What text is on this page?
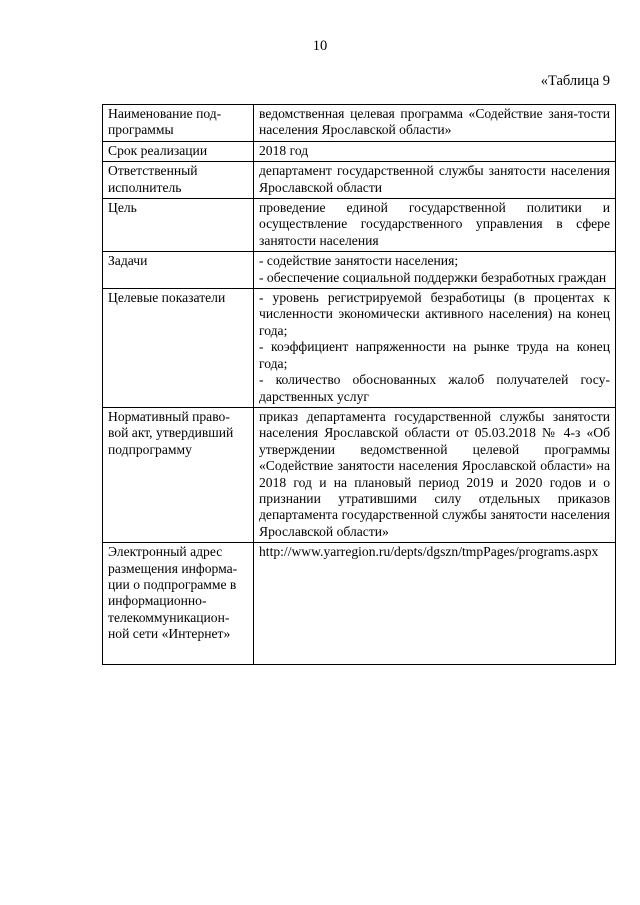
10
«Таблица 9
Наименование под-программы	ведомственная целевая программа «Содействие заня-тости населения Ярославской области»

Срок реализации	2018 год

Ответственный исполнитель	департамент государственной службы занятости населения Ярославской области

Цель	проведение единой государственной политики и осуществление государственного управления в сфере занятости населения

Задачи	- содействие занятости населения;
- обеспечение социальной поддержки безработных граждан

Целевые показатели	- уровень регистрируемой безработицы (в процентах к численности экономически активного населения) на конец года;
- коэффициент напряженности на рынке труда на конец года;
- количество обоснованных жалоб получателей госу-дарственных услуг

Нормативный право-вой акт, утвердивший подпрограмму	приказ департамента государственной службы занятости населения Ярославской области от 05.03.2018 № 4-з «Об утверждении ведомственной целевой программы «Содействие занятости населения Ярославской области» на 2018 год и на плановый период 2019 и 2020 годов и о признании утратившими силу отдельных приказов департамента государственной службы занятости населения Ярославской области»

Электронный адрес размещения информа-ции о подпрограмме в информационно-телекоммуникацион-ной сети «Интернет»	http://www.yarregion.ru/depts/dgszn/tmpPages/programs.aspx
